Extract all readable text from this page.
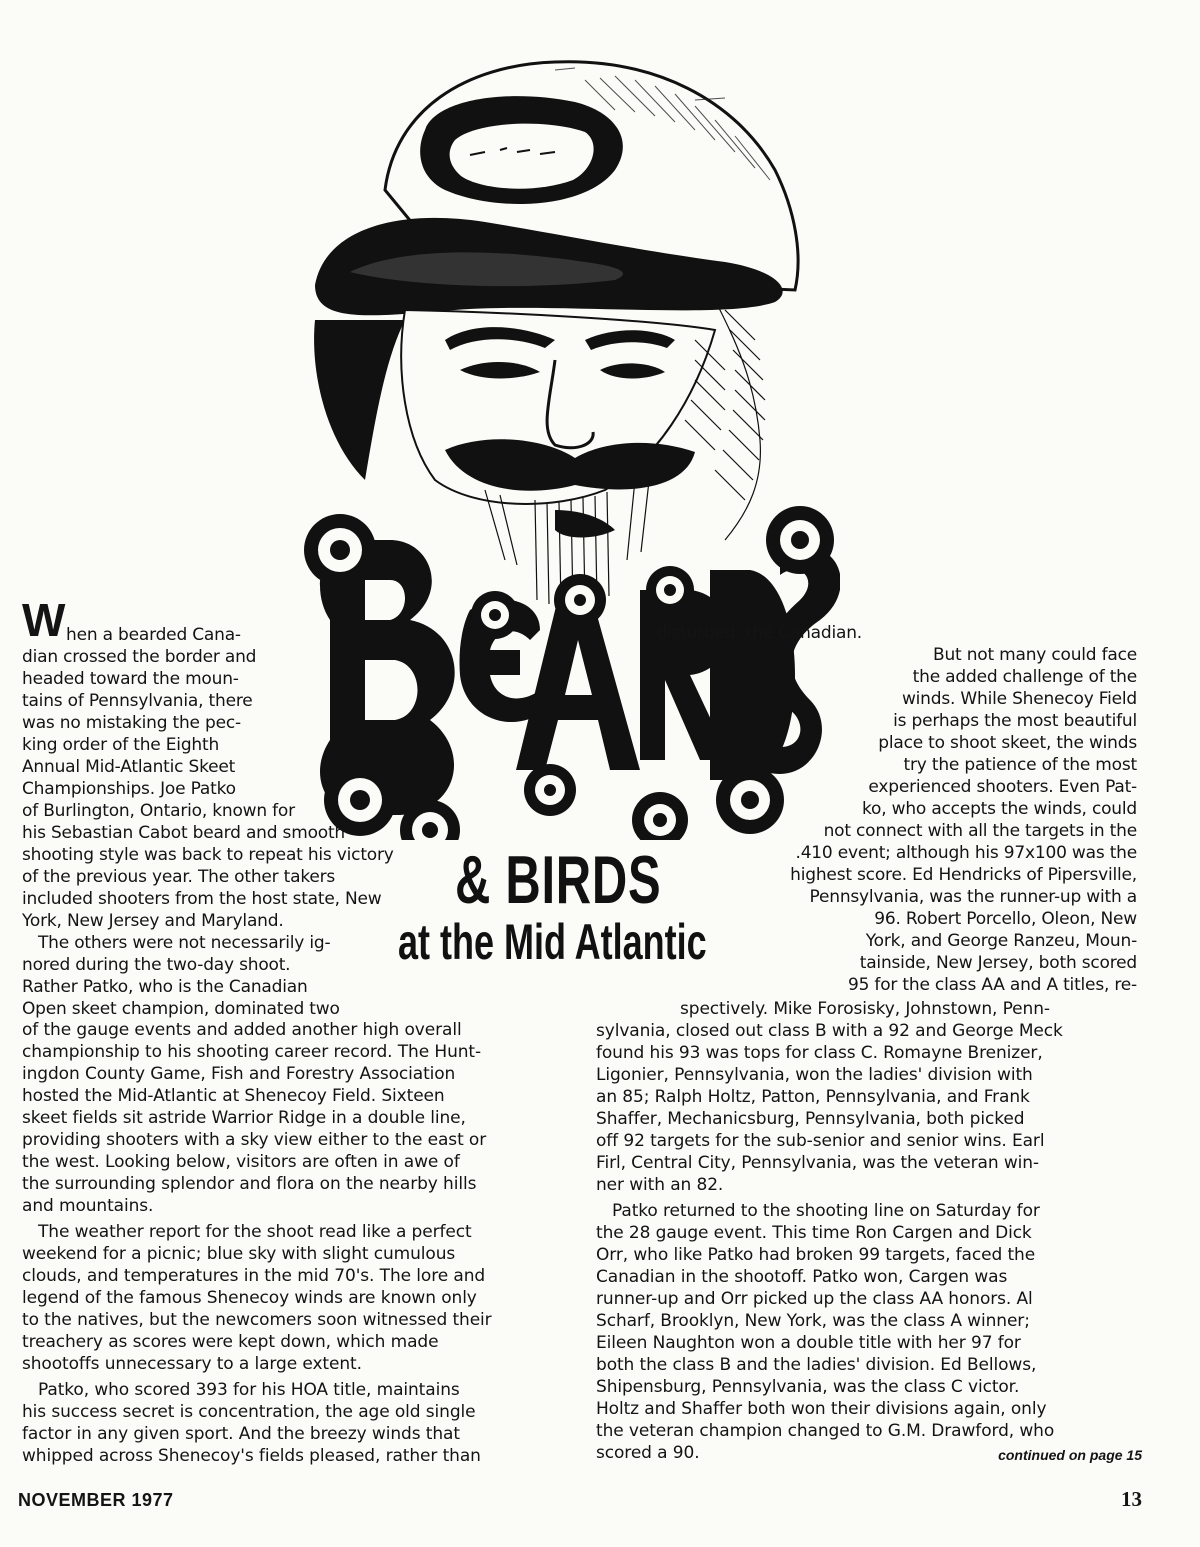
BEARDS
& BIRDS
at the Mid Atlantic
W hen a bearded Cana-
dian crossed the border and
headed toward the moun-
tains of Pennsylvania, there
was no mistaking the pec-
king order of the Eighth
Annual Mid-Atlantic Skeet
Championships. Joe Patko
of Burlington, Ontario, known for
his Sebastian Cabot beard and smooth
shooting style was back to repeat his victory
of the previous year. The other takers
included shooters from the host state, New
York, New Jersey and Maryland.
The others were not necessarily ig-
nored during the two-day shoot.
Rather Patko, who is the Canadian
Open skeet champion, dominated two
of the gauge events and added another high overall
championship to his shooting career record. The Hunt-
ingdon County Game, Fish and Forestry Association
hosted the Mid-Atlantic at Shenecoy Field. Sixteen
skeet fields sit astride Warrior Ridge in a double line,
providing shooters with a sky view either to the east or
the west. Looking below, visitors are often in awe of
the surrounding splendor and flora on the nearby hills
and mountains.
The weather report for the shoot read like a perfect
weekend for a picnic; blue sky with slight cumulous
clouds, and temperatures in the mid 70's. The lore and
legend of the famous Shenecoy winds are known only
to the natives, but the newcomers soon witnessed their
treachery as scores were kept down, which made
shootoffs unnecessary to a large extent.
Patko, who scored 393 for his HOA title, maintains
his success secret is concentration, the age old single
factor in any given sport. And the breezy winds that
whipped across Shenecoy's fields pleased, rather than
disturbed, the Canadian.
But not many could face
the added challenge of the
winds. While Shenecoy Field
is perhaps the most beautiful
place to shoot skeet, the winds
try the patience of the most
experienced shooters. Even Pat-
ko, who accepts the winds, could
not connect with all the targets in the
.410 event; although his 97x100 was the
highest score. Ed Hendricks of Pipersville,
Pennsylvania, was the runner-up with a
96. Robert Porcello, Oleon, New
York, and George Ranzeu, Moun-
tainside, New Jersey, both scored
95 for the class AA and A titles, re-
spectively. Mike Forosisky, Johnstown, Penn-
sylvania, closed out class B with a 92 and George Meck
found his 93 was tops for class C. Romayne Brenizer,
Ligonier, Pennsylvania, won the ladies' division with
an 85; Ralph Holtz, Patton, Pennsylvania, and Frank
Shaffer, Mechanicsburg, Pennsylvania, both picked
off 92 targets for the sub-senior and senior wins. Earl
Firl, Central City, Pennsylvania, was the veteran win-
ner with an 82.
Patko returned to the shooting line on Saturday for
the 28 gauge event. This time Ron Cargen and Dick
Orr, who like Patko had broken 99 targets, faced the
Canadian in the shootoff. Patko won, Cargen was
runner-up and Orr picked up the class AA honors. Al
Scharf, Brooklyn, New York, was the class A winner;
Eileen Naughton won a double title with her 97 for
both the class B and the ladies' division. Ed Bellows,
Shipensburg, Pennsylvania, was the class C victor.
Holtz and Shaffer both won their divisions again, only
the veteran champion changed to G.M. Drawford, who
scored a 90.	continued on page 15
NOVEMBER 1977	13
